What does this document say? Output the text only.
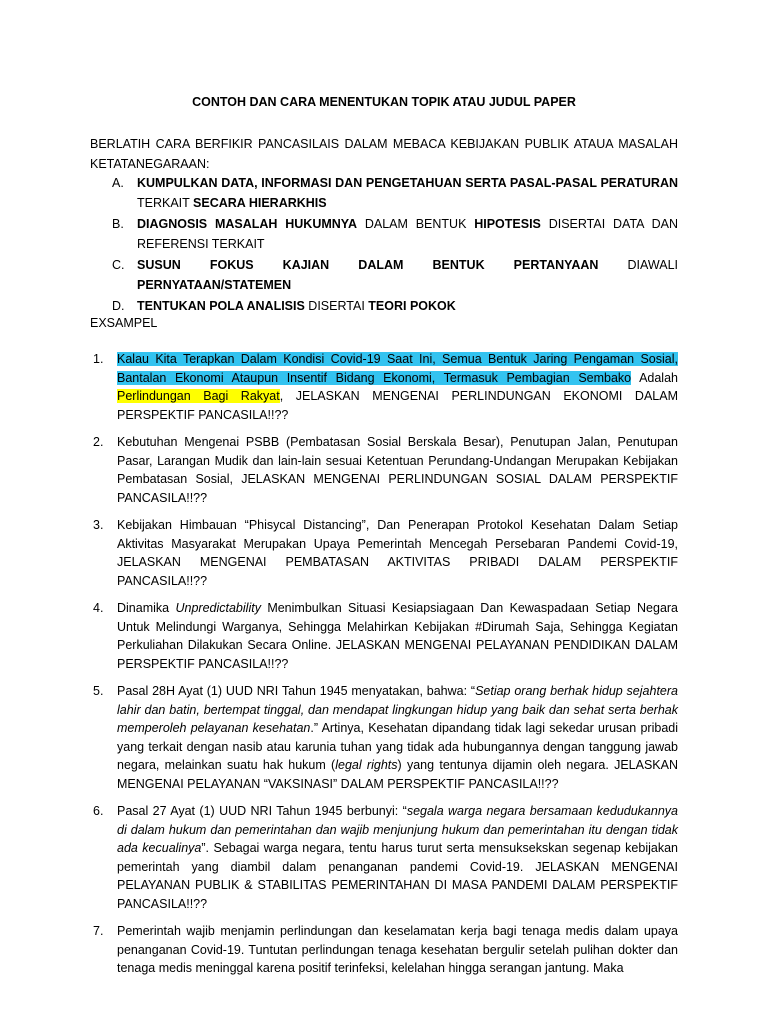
CONTOH DAN CARA MENENTUKAN TOPIK ATAU JUDUL PAPER
BERLATIH CARA BERFIKIR PANCASILAIS DALAM MEBACA KEBIJAKAN PUBLIK ATAUA MASALAH KETATANEGARAAN:
A. KUMPULKAN DATA, INFORMASI DAN PENGETAHUAN SERTA PASAL-PASAL PERATURAN TERKAIT SECARA HIERARKHIS
B. DIAGNOSIS MASALAH HUKUMNYA DALAM BENTUK HIPOTESIS DISERTAI DATA DAN REFERENSI TERKAIT
C. SUSUN FOKUS KAJIAN DALAM BENTUK PERTANYAAN DIAWALI PERNYATAAN/STATEMEN
D. TENTUKAN POLA ANALISIS DISERTAI TEORI POKOK
EXSAMPEL
1. Kalau Kita Terapkan Dalam Kondisi Covid-19 Saat Ini, Semua Bentuk Jaring Pengaman Sosial, Bantalan Ekonomi Ataupun Insentif Bidang Ekonomi, Termasuk Pembagian Sembako Adalah Perlindungan Bagi Rakyat, JELASKAN MENGENAI PERLINDUNGAN EKONOMI DALAM PERSPEKTIF PANCASILA!!??
2. Kebutuhan Mengenai PSBB (Pembatasan Sosial Berskala Besar), Penutupan Jalan, Penutupan Pasar, Larangan Mudik dan lain-lain sesuai Ketentuan Perundang-Undangan Merupakan Kebijakan Pembatasan Sosial, JELASKAN MENGENAI PERLINDUNGAN SOSIAL DALAM PERSPEKTIF PANCASILA!!??
3. Kebijakan Himbauan “Phisycal Distancing”, Dan Penerapan Protokol Kesehatan Dalam Setiap Aktivitas Masyarakat Merupakan Upaya Pemerintah Mencegah Persebaran Pandemi Covid-19, JELASKAN MENGENAI PEMBATASAN AKTIVITAS PRIBADI DALAM PERSPEKTIF PANCASILA!!??
4. Dinamika Unpredictability Menimbulkan Situasi Kesiapsiagaan Dan Kewaspadaan Setiap Negara Untuk Melindungi Warganya, Sehingga Melahirkan Kebijakan #Dirumah Saja, Sehingga Kegiatan Perkuliahan Dilakukan Secara Online. JELASKAN MENGENAI PELAYANAN PENDIDIKAN DALAM PERSPEKTIF PANCASILA!!??
5. Pasal 28H Ayat (1) UUD NRI Tahun 1945 menyatakan, bahwa: “Setiap orang berhak hidup sejahtera lahir dan batin, bertempat tinggal, dan mendapat lingkungan hidup yang baik dan sehat serta berhak memperoleh pelayanan kesehatan.” Artinya, Kesehatan dipandang tidak lagi sekedar urusan pribadi yang terkait dengan nasib atau karunia tuhan yang tidak ada hubungannya dengan tanggung jawab negara, melainkan suatu hak hukum (legal rights) yang tentunya dijamin oleh negara. JELASKAN MENGENAI PELAYANAN “VAKSINASI” DALAM PERSPEKTIF PANCASILA!!??
6. Pasal 27 Ayat (1) UUD NRI Tahun 1945 berbunyi: “segala warga negara bersamaan kedudukannya di dalam hukum dan pemerintahan dan wajib menjunjung hukum dan pemerintahan itu dengan tidak ada kecualinya”. Sebagai warga negara, tentu harus turut serta mensuksekskan segenap kebijakan pemerintah yang diambil dalam penanganan pandemi Covid-19. JELASKAN MENGENAI PELAYANAN PUBLIK & STABILITAS PEMERINTAHAN DI MASA PANDEMI DALAM PERSPEKTIF PANCASILA!!??
7. Pemerintah wajib menjamin perlindungan dan keselamatan kerja bagi tenaga medis dalam upaya penanganan Covid-19. Tuntutan perlindungan tenaga kesehatan bergulir setelah pulihan dokter dan tenaga medis meninggal karena positif terinfeksi, kelelahan hingga serangan jantung. Maka
